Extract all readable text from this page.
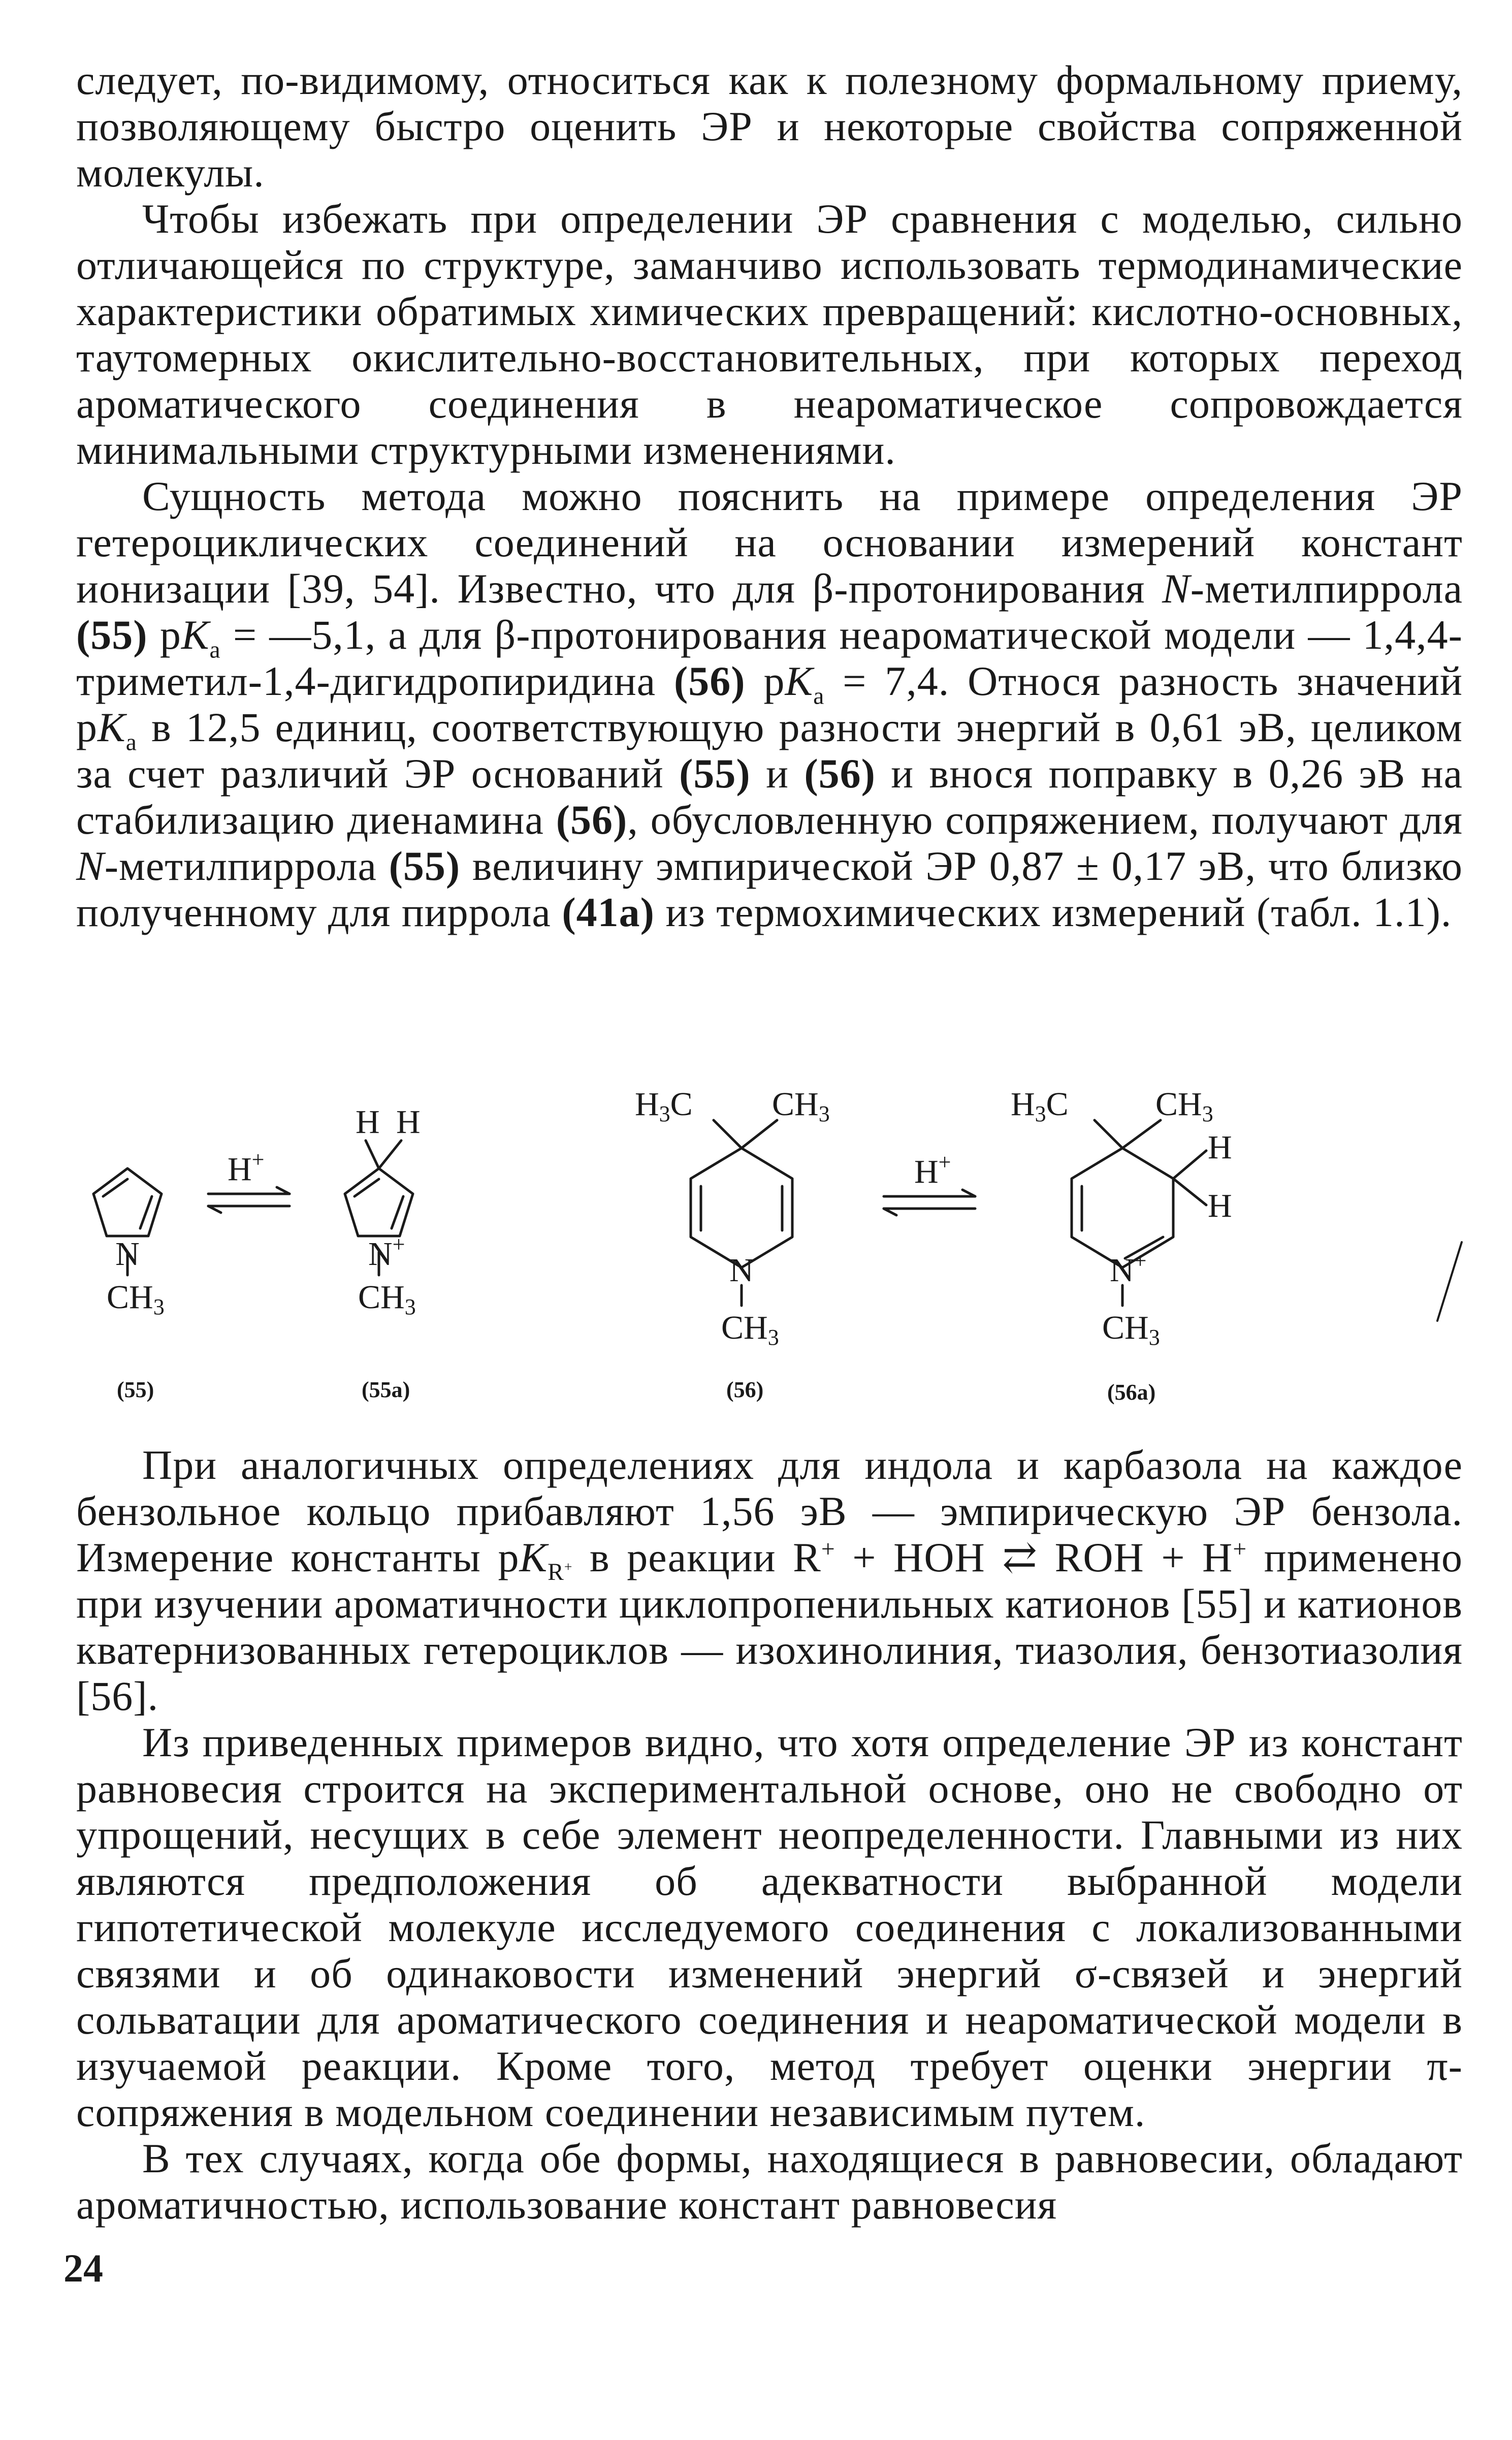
следует, по-видимому, относиться как к полезному формальному приему, позволяющему быстро оценить ЭР и некоторые свойства сопряженной молекулы.

Чтобы избежать при определении ЭР сравнения с моделью, сильно отличающейся по структуре, заманчиво использовать термодинамические характеристики обратимых химических превращений: кислотно-основных, таутомерных окислительно-восстановительных, при которых переход ароматического соединения в неароматическое сопровождается минимальными структурными изменениями.

Сущность метода можно пояснить на примере определения ЭР гетероциклических соединений на основании измерений констант ионизации [39, 54]. Известно, что для β-протонирования N-метилпиррола (55) $pK_a$ = —5,1, а для β-протонирования неароматической модели — 1,4,4-триметил-1,4-дигидропиридина (56) $pK_a = 7,4$. Относя разность значений $pK_a$ в 12,5 единиц, соответствующую разности энергий в 0,61 эВ, целиком за счет различий ЭР оснований (55) и (56) и внося поправку в 0,26 эВ на стабилизацию диенамина (56), обусловленную сопряжением, получают для N-метилпиррола (55) величину эмпирической ЭР 0,87 ± 0,17 эВ, что близко полученному для пиррола (41а) из термохимических измерений (табл. 1.1).

N
CH3
(55)
H+
H H
N+
CH3
(55a)
H3C CH3
N
CH3
(56)
H+
H3C	CH3
H
H
N+
CH3
(56a)

При аналогичных определениях для индола и карбазола на каждое бензольное кольцо прибавляют 1,56 эВ — эмпирическую ЭР бензола. Измерение константы $pK_{R^+}$ в реакции R+ + HOH ⇄ ROH + H+ применено при изучении ароматичности циклопропенильных катионов [55] и катионов кватернизованных гетероциклов — изохинолиния, тиазолия, бензотиазолия [56].

Из приведенных примеров видно, что хотя определение ЭР из констант равновесия строится на экспериментальной основе, оно не свободно от упрощений, несущих в себе элемент неопределенности. Главными из них являются предположения об адекватности выбранной модели гипотетической молекуле исследуемого соединения с локализованными связями и об одинаковости изменений энергий σ-связей и энергий сольватации для ароматического соединения и неароматической модели в изучаемой реакции. Кроме того, метод требует оценки энергии π-сопряжения в модельном соединении независимым путем.

В тех случаях, когда обе формы, находящиеся в равновесии, обладают ароматичностью, использование констант равновесия

24
